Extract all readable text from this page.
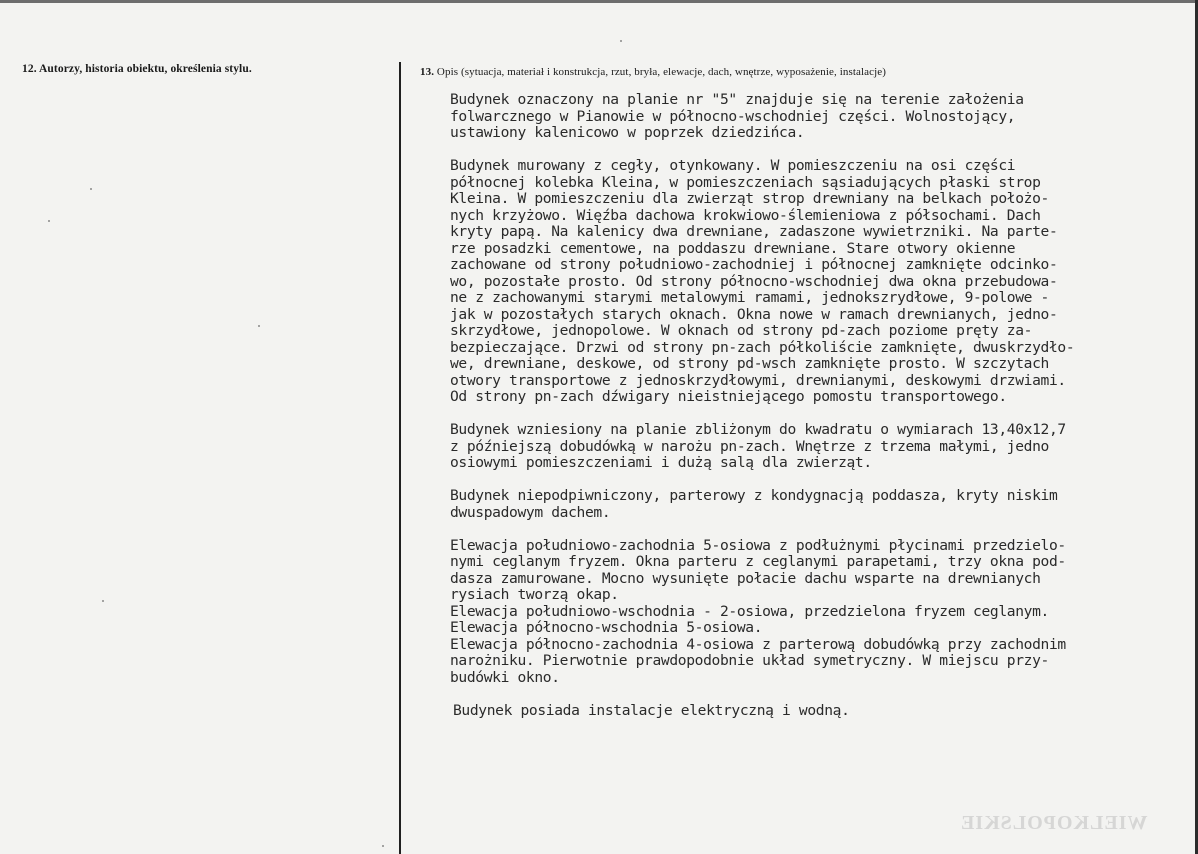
12. Autorzy, historia obiektu, określenia stylu.	13. Opis (sytuacja, materiał i konstrukcja, rzut, bryła, elewacje, dach, wnętrze, wyposażenie, instalacje)

Budynek oznaczony na planie nr "5" znajduje się na terenie założenia
folwarcznego w Pianowie w północno-wschodniej części. Wolnostojący,
ustawiony kalenicowo w poprzek dziedzińca.

Budynek murowany z cegły, otynkowany. W pomieszczeniu na osi części
północnej kolebka Kleina, w pomieszczeniach sąsiadujących płaski strop
Kleina. W pomieszczeniu dla zwierząt strop drewniany na belkach położo-
nych krzyżowo. Więźba dachowa krokwiowo-ślemieniowa z półsochami. Dach
kryty papą. Na kalenicy dwa drewniane, zadaszone wywietrzniki. Na parte-
rze posadzki cementowe, na poddaszu drewniane. Stare otwory okienne
zachowane od strony południowo-zachodniej i północnej zamknięte odcinko-
wo, pozostałe prosto. Od strony północno-wschodniej dwa okna przebudowa-
ne z zachowanymi starymi metalowymi ramami, jednokszrydłowe, 9-polowe -
jak w pozostałych starych oknach. Okna nowe w ramach drewnianych, jedno-
skrzydłowe, jednopolowe. W oknach od strony pd-zach poziome pręty za-
bezpieczające. Drzwi od strony pn-zach półkoliście zamknięte, dwuskrzydło-
we, drewniane, deskowe, od strony pd-wsch zamknięte prosto. W szczytach
otwory transportowe z jednoskrzydłowymi, drewnianymi, deskowymi drzwiami.
Od strony pn-zach dźwigary nieistniejącego pomostu transportowego.

Budynek wzniesiony na planie zbliżonym do kwadratu o wymiarach 13,40x12,7
z późniejszą dobudówką w narożu pn-zach. Wnętrze z trzema małymi, jedno
osiowymi pomieszczeniami i dużą salą dla zwierząt.

Budynek niepodpiwniczony, parterowy z kondygnacją poddasza, kryty niskim
dwuspadowym dachem.

Elewacja południowo-zachodnia 5-osiowa z podłużnymi płycinami przedzielo-
nymi ceglanym fryzem. Okna parteru z ceglanymi parapetami, trzy okna pod-
dasza zamurowane. Mocno wysunięte połacie dachu wsparte na drewnianych
rysiach tworzą okap.
Elewacja południowo-wschodnia - 2-osiowa, przedzielona fryzem ceglanym.
Elewacja północno-wschodnia 5-osiowa.
Elewacja północno-zachodnia 4-osiowa z parterową dobudówką przy zachodnim
narożniku. Pierwotnie prawdopodobnie układ symetryczny. W miejscu przy-
budówki okno.

Budynek posiada instalacje elektryczną i wodną.

WIELKOPOLSKIE
